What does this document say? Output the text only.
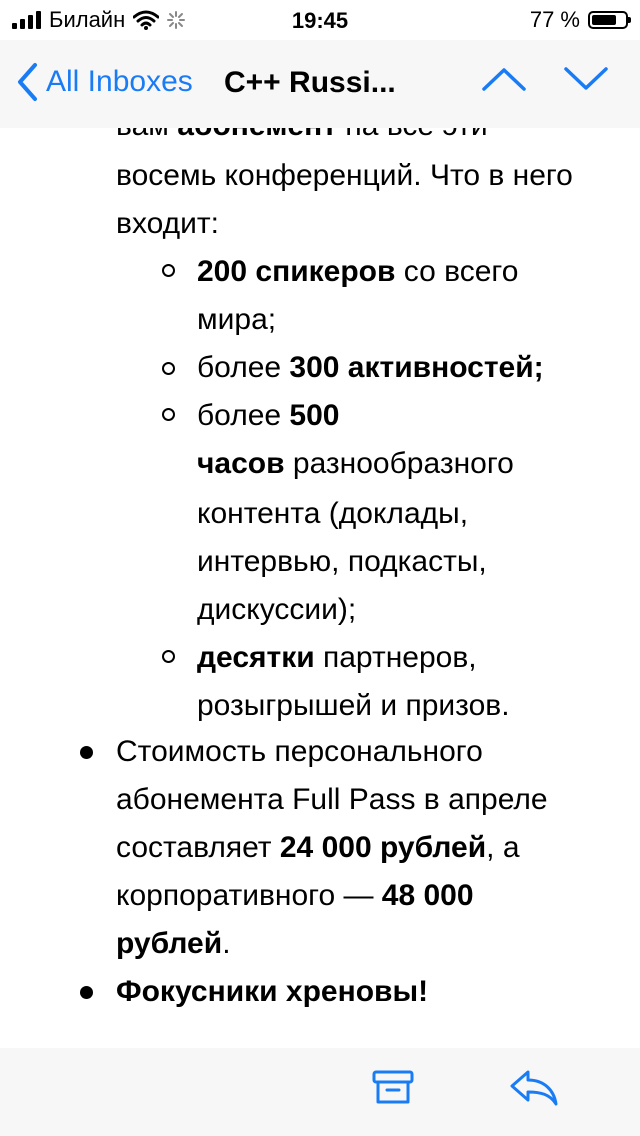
Билайн	19:45	77 %
All Inboxes C++ Russi...
восемь конференций. Что в него
входит:
200 спикеров со всего
мира;
более 300 активностей;
более 500
часов разнообразного
контента (доклады,
интервью, подкасты,
дискуссии);
десятки партнеров,
розыгрышей и призов.
Стоимость персонального
абонемента Full Pass в апреле
составляет 24 000 рублей, а
корпоративного — 48 000
рублей.
Фокусники хреновы!
